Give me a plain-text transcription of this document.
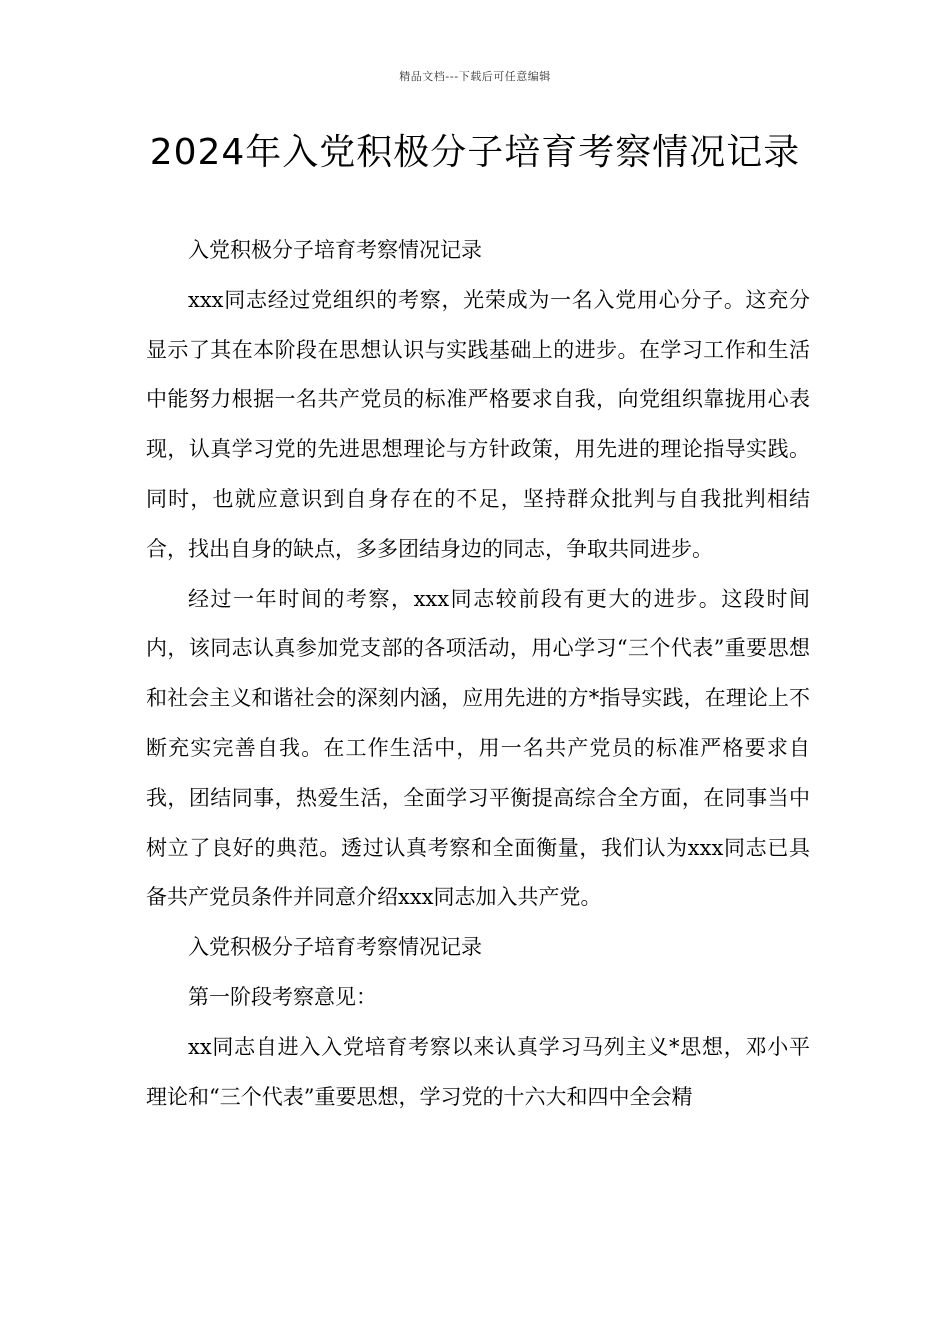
精品文档---下载后可任意编辑
2024年入党积极分子培育考察情况记录

入党积极分子培育考察情况记录

xxx同志经过党组织的考察，光荣成为一名入党用心分子。这充分显示了其在本阶段在思想认识与实践基础上的进步。在学习工作和生活中能努力根据一名共产党员的标准严格要求自我，向党组织靠拢用心表现，认真学习党的先进思想理论与方针政策，用先进的理论指导实践。同时，也就应意识到自身存在的不足，坚持群众批判与自我批判相结合，找出自身的缺点，多多团结身边的同志，争取共同进步。

经过一年时间的考察，xxx同志较前段有更大的进步。这段时间内，该同志认真参加党支部的各项活动，用心学习“三个代表”重要思想和社会主义和谐社会的深刻内涵，应用先进的方*指导实践，在理论上不断充实完善自我。在工作生活中，用一名共产党员的标准严格要求自我，团结同事，热爱生活，全面学习平衡提高综合全方面，在同事当中树立了良好的典范。透过认真考察和全面衡量，我们认为xxx同志已具备共产党员条件并同意介绍xxx同志加入共产党。

入党积极分子培育考察情况记录

第一阶段考察意见：

xx同志自进入入党培育考察以来认真学习马列主义*思想，邓小平理论和“三个代表”重要思想，学习党的十六大和四中全会精
